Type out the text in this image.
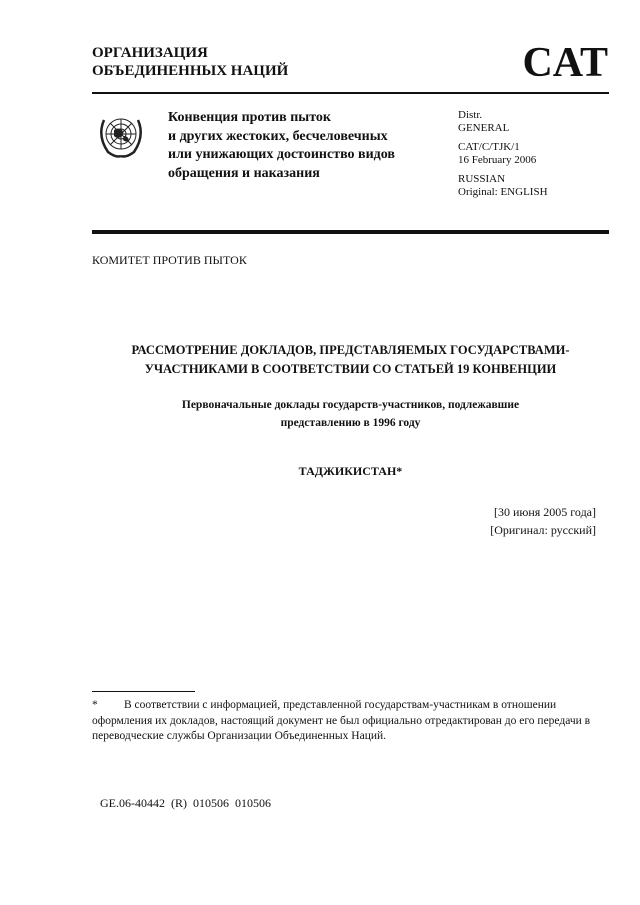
ОРГАНИЗАЦИЯ
ОБЪЕДИНЕННЫХ НАЦИЙ	CAT
Конвенция против пыток
и других жестоких, бесчеловечных
или унижающих достоинство видов
обращения и наказания

Distr.
GENERAL

CAT/C/TJK/1
16 February 2006

RUSSIAN
Original: ENGLISH

КОМИТЕТ ПРОТИВ ПЫТОК
РАССМОТРЕНИЕ ДОКЛАДОВ, ПРЕДСТАВЛЯЕМЫХ ГОСУДАРСТВАМИ-
УЧАСТНИКАМИ В СООТВЕТСТВИИ СО СТАТЬЕЙ 19 КОНВЕНЦИИ
Первоначальные доклады государств-участников, подлежавшие
представлению в 1996 году
ТАДЖИКИСТАН*
[30 июня 2005 года]
[Оригинал: русский]
* В соответствии с информацией, представленной государствам-участникам в отношении оформления их докладов, настоящий документ не был официально отредактирован до его передачи в переводческие службы Организации Объединенных Наций.
GE.06-40442 (R) 010506 010506
